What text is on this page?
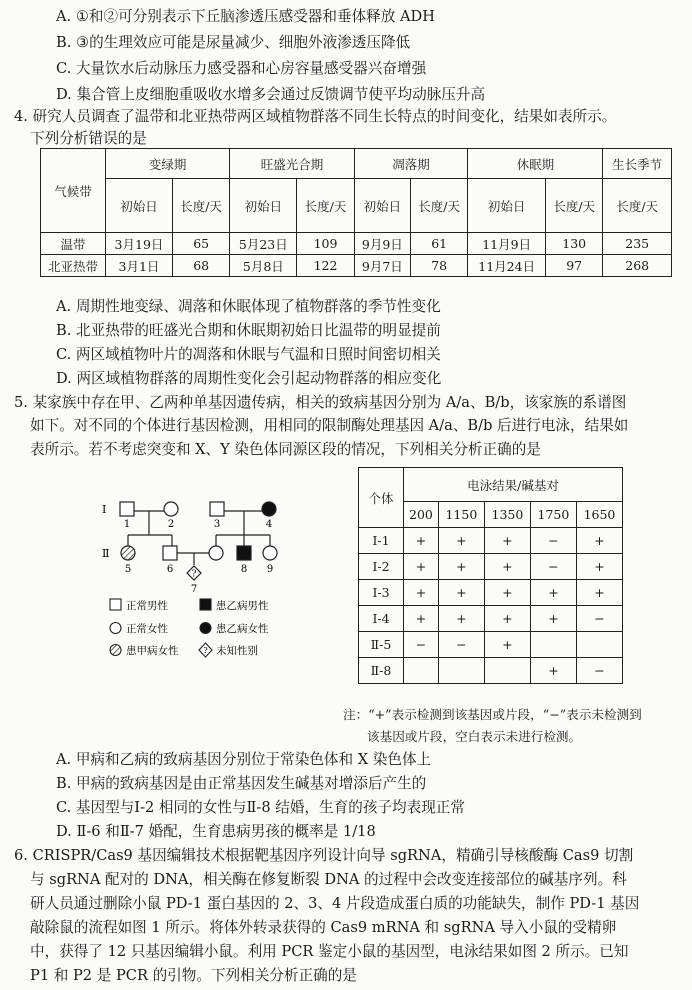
A. ①和②可分别表示下丘脑渗透压感受器和垂体释放 ADH
B. ③的生理效应可能是尿量减少、细胞外液渗透压降低
C. 大量饮水后动脉压力感受器和心房容量感受器兴奋增强
D. 集合管上皮细胞重吸收水增多会通过反馈调节使平均动脉压升高
4. 研究人员调查了温带和北亚热带两区域植物群落不同生长特点的时间变化，结果如表所示。
下列分析错误的是
气候带	变绿期		旺盛光合期		凋落期		休眠期		生长季节
	初始日	长度/天	初始日	长度/天	初始日	长度/天	初始日	长度/天	长度/天
温带	3月19日	65	5月23日	109	9月9日	61	11月9日	130	235
北亚热带	3月1日	68	5月8日	122	9月7日	78	11月24日	97	268
A. 周期性地变绿、凋落和休眠体现了植物群落的季节性变化
B. 北亚热带的旺盛光合期和休眠期初始日比温带的明显提前
C. 两区域植物叶片的凋落和休眠与气温和日照时间密切相关
D. 两区域植物群落的周期性变化会引起动物群落的相应变化
5. 某家族中存在甲、乙两种单基因遗传病，相关的致病基因分别为 A/a、B/b，该家族的系谱图
如下。对不同的个体进行基因检测，用相同的限制酶处理基因 A/a、B/b 后进行电泳，结果如
表所示。若不考虑突变和 X、Y 染色体同源区段的情况，下列相关分析正确的是
?
Ⅰ
Ⅱ
1	2	3	4
5	6
7
8 9
正常男性	患乙病男性
正常女性	患乙病女性
患甲病女性	? 未知性别
个体	电泳结果/碱基对				
	200	1150	1350	1750	1650
Ⅰ-1	+	+	+	−	+
Ⅰ-2	+	+	+	−	+
Ⅰ-3	+	+	+	+	+
Ⅰ-4	+	+	+	+	−
Ⅱ-5	−	−	+		
Ⅱ-8				+	−
注：“+”表示检测到该基因或片段，“−”表示未检测到
该基因或片段，空白表示未进行检测。
A. 甲病和乙病的致病基因分别位于常染色体和 X 染色体上
B. 甲病的致病基因是由正常基因发生碱基对增添后产生的
C. 基因型与Ⅰ-2 相同的女性与Ⅱ-8 结婚，生育的孩子均表现正常
D. Ⅱ-6 和Ⅱ-7 婚配，生育患病男孩的概率是 1/18
6. CRISPR/Cas9 基因编辑技术根据靶基因序列设计向导 sgRNA，精确引导核酸酶 Cas9 切割
与 sgRNA 配对的 DNA，相关酶在修复断裂 DNA 的过程中会改变连接部位的碱基序列。科
研人员通过删除小鼠 PD-1 蛋白基因的 2、3、4 片段造成蛋白质的功能缺失，制作 PD-1 基因
敲除鼠的流程如图 1 所示。将体外转录获得的 Cas9 mRNA 和 sgRNA 导入小鼠的受精卵
中，获得了 12 只基因编辑小鼠。利用 PCR 鉴定小鼠的基因型，电泳结果如图 2 所示。已知
P1 和 P2 是 PCR 的引物。下列相关分析正确的是
